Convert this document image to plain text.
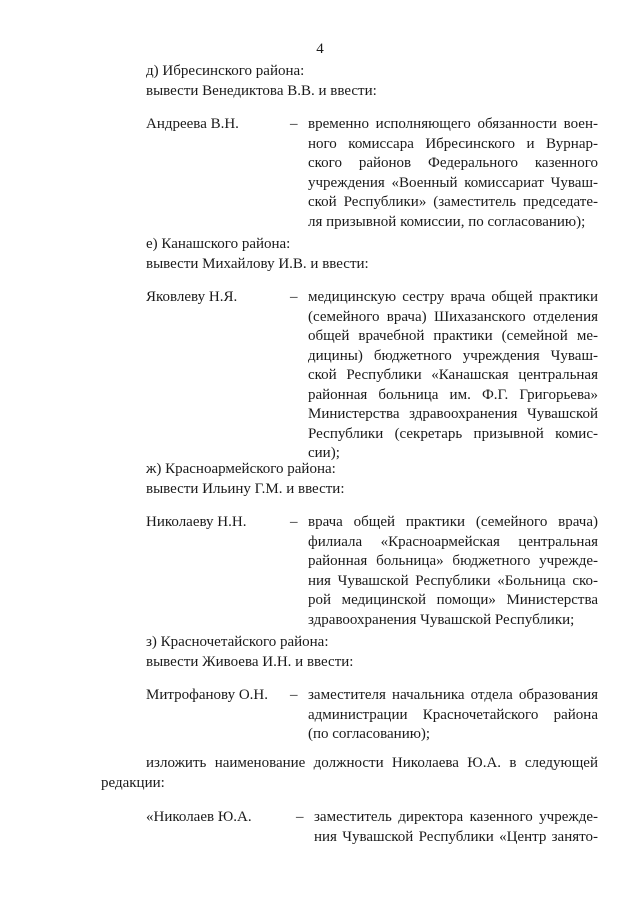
4
д) Ибресинского района:
вывести Венедиктова В.В. и ввести:
Андреева В.Н.	– временно исполняющего обязанности воен-
ного комиссара Ибресинского и Вурнар-
ского районов Федерального казенного
учреждения «Военный комиссариат Чуваш-
ской Республики» (заместитель председате-
ля призывной комиссии, по согласованию);
е) Канашского района:
вывести Михайлову И.В. и ввести:
Яковлеву Н.Я.	– медицинскую сестру врача общей практики
(семейного врача) Шихазанского отделения
общей врачебной практики (семейной ме-
дицины) бюджетного учреждения Чуваш-
ской Республики «Канашская центральная
районная больница им. Ф.Г. Григорьева»
Министерства здравоохранения Чувашской
Республики (секретарь призывной комис-
сии);
ж) Красноармейского района:
вывести Ильину Г.М. и ввести:
Николаеву Н.Н.	– врача общей практики (семейного врача)
филиала «Красноармейская центральная
районная больница» бюджетного учрежде-
ния Чувашской Республики «Больница ско-
рой медицинской помощи» Министерства
здравоохранения Чувашской Республики;
з) Красночетайского района:
вывести Живоева И.Н. и ввести:
Митрофанову О.Н. – заместителя начальника отдела образования
администрации Красночетайского района
(по согласованию);
изложить наименование должности Николаева Ю.А. в следующей
редакции:
«Николаев Ю.А.	– заместитель директора казенного учрежде-
ния Чувашской Республики «Центр занято-
